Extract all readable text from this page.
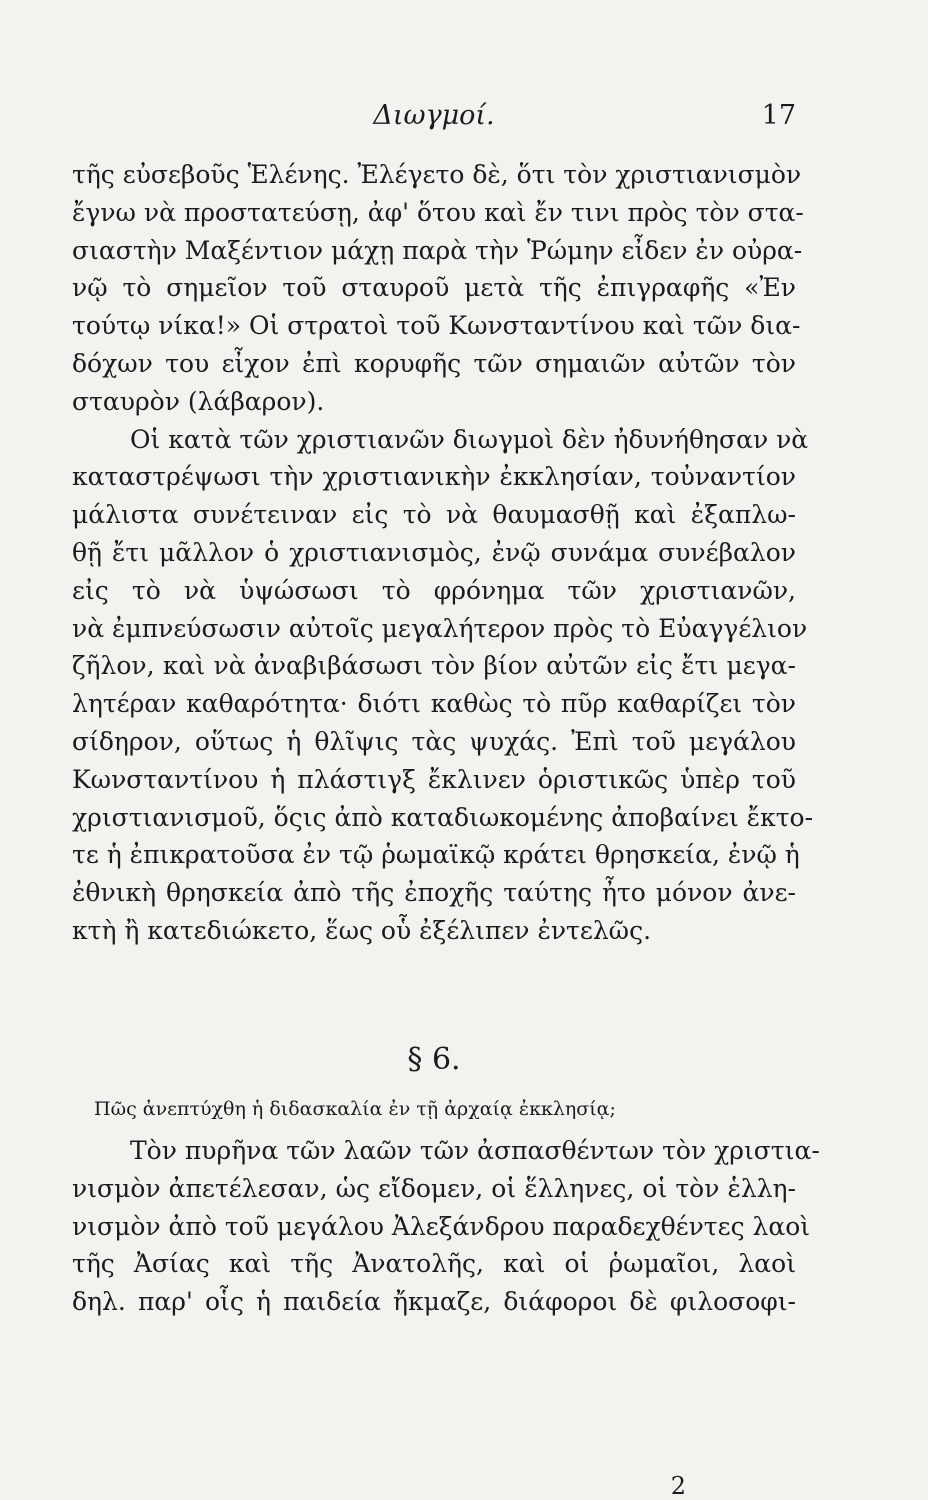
Διωγμοί.	17
τῆς εὐσεβοῦς Ἑλένης. Ἐλέγετο δὲ, ὅτι τὸν χριστιανισμὸν
ἔγνω νὰ προστατεύσῃ, ἀφ' ὅτου καὶ ἔν τινι πρὸς τὸν στα-
σιαστὴν Μαξέντιον μάχῃ παρὰ τὴν Ῥώμην εἶδεν ἐν οὐρα-
νῷ τὸ σημεῖον τοῦ σταυροῦ μετὰ τῆς ἐπιγραφῆς «Ἐν
τούτῳ νίκα!» Οἱ στρατοὶ τοῦ Κωνσταντίνου καὶ τῶν δια-
δόχων του εἶχον ἐπὶ κορυφῆς τῶν σημαιῶν αὐτῶν τὸν
σταυρὸν (λάβαρον).
Οἱ κατὰ τῶν χριστιανῶν διωγμοὶ δὲν ἠδυνήθησαν νὰ
καταστρέψωσι τὴν χριστιανικὴν ἐκκλησίαν, τοὐναντίον
μάλιστα συνέτειναν εἰς τὸ νὰ θαυμασθῇ καὶ ἐξαπλω-
θῇ ἔτι μᾶλλον ὁ χριστιανισμὸς, ἐνῷ συνάμα συνέβαλον
εἰς τὸ νὰ ὑψώσωσι τὸ φρόνημα τῶν χριστιανῶν,
νὰ ἐμπνεύσωσιν αὐτοῖς μεγαλήτερον πρὸς τὸ Εὐαγγέλιον
ζῆλον, καὶ νὰ ἀναβιβάσωσι τὸν βίον αὐτῶν εἰς ἔτι μεγα-
λητέραν καθαρότητα· διότι καθὼς τὸ πῦρ καθαρίζει τὸν
σίδηρον, οὕτως ἡ θλῖψις τὰς ψυχάς. Ἐπὶ τοῦ μεγάλου
Κωνσταντίνου ἡ πλάστιγξ ἔκλινεν ὁριστικῶς ὑπὲρ τοῦ
χριστιανισμοῦ, ὅςις ἀπὸ καταδιωκομένης ἀποβαίνει ἔκτο-
τε ἡ ἐπικρατοῦσα ἐν τῷ ῥωμαϊκῷ κράτει θρησκεία, ἐνῷ ἡ
ἐθνικὴ θρησκεία ἀπὸ τῆς ἐποχῆς ταύτης ἦτο μόνον ἀνε-
κτὴ ἢ κατεδιώκετο, ἕως οὗ ἐξέλιπεν ἐντελῶς.
§ 6.
Πῶς ἀνεπτύχθη ἡ διδασκαλία ἐν τῇ ἀρχαίᾳ ἐκκλησίᾳ;
Τὸν πυρῆνα τῶν λαῶν τῶν ἀσπασθέντων τὸν χριστια-
νισμὸν ἀπετέλεσαν, ὡς εἴδομεν, οἱ ἕλληνες, οἱ τὸν ἑλλη-
νισμὸν ἀπὸ τοῦ μεγάλου Ἀλεξάνδρου παραδεχθέντες λαοὶ
τῆς Ἀσίας καὶ τῆς Ἀνατολῆς, καὶ οἱ ῥωμαῖοι, λαοὶ
δηλ. παρ' οἷς ἡ παιδεία ἤκμαζε, διάφοροι δὲ φιλοσοφι-
2
